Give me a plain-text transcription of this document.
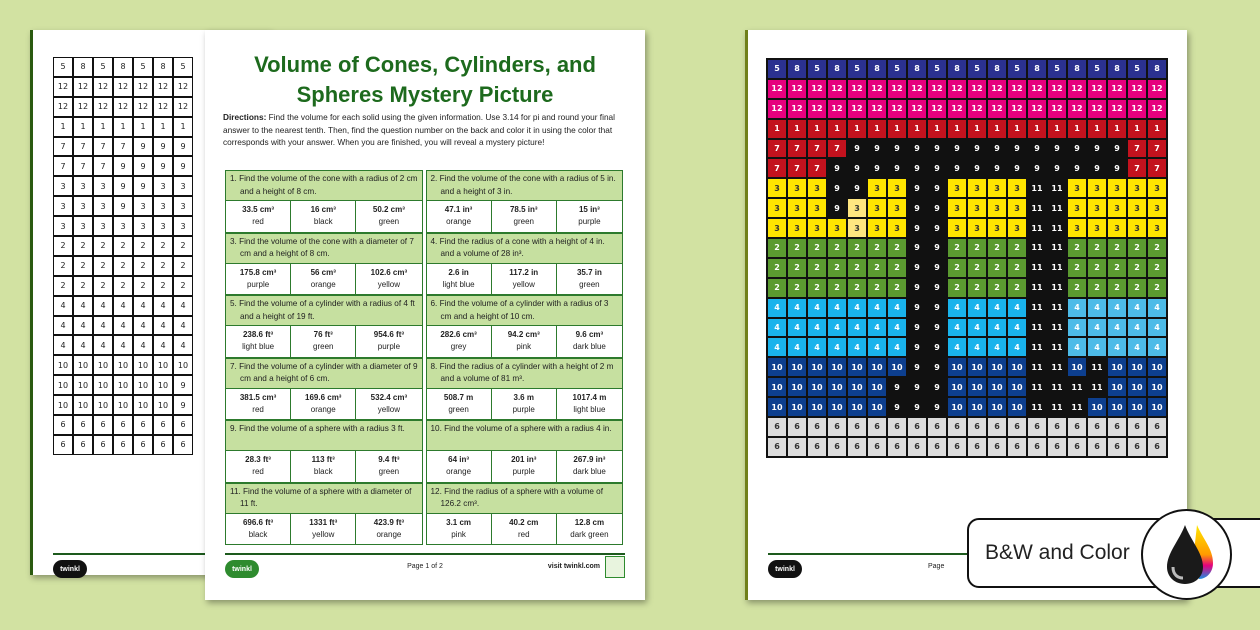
5	8	5	8	5	8	5
12	12	12	12	12	12	12
12	12	12	12	12	12	12
1	1	1	1	1	1	1
7	7	7	7	9	9	9
7	7	7	9	9	9	9
3	3	3	9	9	3	3
3	3	3	9	3	3	3
3	3	3	3	3	3	3
2	2	2	2	2	2	2
2	2	2	2	2	2	2
2	2	2	2	2	2	2
4	4	4	4	4	4	4
4	4	4	4	4	4	4
4	4	4	4	4	4	4
10	10	10	10	10	10	10
10	10	10	10	10	10	9
10	10	10	10	10	10	9
6	6	6	6	6	6	6
6	6	6	6	6	6	6
twinkl
Volume of Cones, Cylinders, and
Spheres Mystery Picture
Directions: Find the volume for each solid using the given information. Use 3.14 for pi and round your final answer to the nearest tenth. Then, find the question number on the back and color it in using the color that corresponds with your answer. When you are finished, you will reveal a mystery picture!
1. Find the volume of the cone with a radius of 2 cm and a height of 8 cm.
33.5 cm³
red
16 cm³
black
50.2 cm³
green
2. Find the volume of the cone with a radius of 5 in. and a height of 3 in.
47.1 in³
orange
78.5 in³
green
15 in³
purple
3. Find the volume of the cone with a diameter of 7 cm and a height of 8 cm.
175.8 cm³
purple
56 cm³
orange
102.6 cm³
yellow
4. Find the radius of a cone with a height of 4 in. and a volume of 28 in³.
2.6 in
light blue
117.2 in
yellow
35.7 in
green
5. Find the volume of a cylinder with a radius of 4 ft and a height of 19 ft.
238.6 ft³
light blue
76 ft³
green
954.6 ft³
purple
6. Find the volume of a cylinder with a radius of 3 cm and a height of 10 cm.
282.6 cm³
grey
94.2 cm³
pink
9.6 cm³
dark blue
7. Find the volume of a cylinder with a diameter of 9 cm and a height of 6 cm.
381.5 cm³
red
169.6 cm³
orange
532.4 cm³
yellow
8. Find the radius of a cylinder with a height of 2 m and a volume of 81 m³.
508.7 m
green
3.6 m
purple
1017.4 m
light blue
9. Find the volume of a sphere with a radius 3 ft.
28.3 ft³
red
113 ft³
black
9.4 ft³
green
10. Find the volume of a sphere with a radius 4 in.
64 in³
orange
201 in³
purple
267.9 in³
dark blue
11. Find the volume of a sphere with a diameter of 11 ft.
696.6 ft³
black
1331 ft³
yellow
423.9 ft³
orange
12. Find the radius of a sphere with a volume of 126.2 cm³.
3.1 cm
pink
40.2 cm
red
12.8 cm
dark green
twinkl	Page 1 of 2	visit twinkl.com
5	8	5	8	5	8	5	8	5	8	5	8	5	8	5	8	5	8	5	8
12	12	12	12	12	12	12	12	12	12	12	12	12	12	12	12	12	12	12	12
12	12	12	12	12	12	12	12	12	12	12	12	12	12	12	12	12	12	12	12
1	1	1	1	1	1	1	1	1	1	1	1	1	1	1	1	1	1	1	1
7	7	7	7	9	9	9	9	9	9	9	9	9	9	9	9	9	9	7	7
7	7	7	9	9	9	9	9	9	9	9	9	9	9	9	9	9	9	7	7
3	3	3	9	9	3	3	9	9	3	3	3	3	11	11	3	3	3	3	3
3	3	3	9	3	3	3	9	9	3	3	3	3	11	11	3	3	3	3	3
3	3	3	3	3	3	3	9	9	3	3	3	3	11	11	3	3	3	3	3
2	2	2	2	2	2	2	9	9	2	2	2	2	11	11	2	2	2	2	2
2	2	2	2	2	2	2	9	9	2	2	2	2	11	11	2	2	2	2	2
2	2	2	2	2	2	2	9	9	2	2	2	2	11	11	2	2	2	2	2
4	4	4	4	4	4	4	9	9	4	4	4	4	11	11	4	4	4	4	4
4	4	4	4	4	4	4	9	9	4	4	4	4	11	11	4	4	4	4	4
4	4	4	4	4	4	4	9	9	4	4	4	4	11	11	4	4	4	4	4
10	10	10	10	10	10	10	9	9	10	10	10	10	11	11	10	11	10	10	10
10	10	10	10	10	10	9	9	9	10	10	10	10	11	11	11	11	10	10	10
10	10	10	10	10	10	9	9	9	10	10	10	10	11	11	11	10	10	10	10
6	6	6	6	6	6	6	6	6	6	6	6	6	6	6	6	6	6	6	6
6	6	6	6	6	6	6	6	6	6	6	6	6	6	6	6	6	6	6	6
twinkl	Page
B&W and Color
